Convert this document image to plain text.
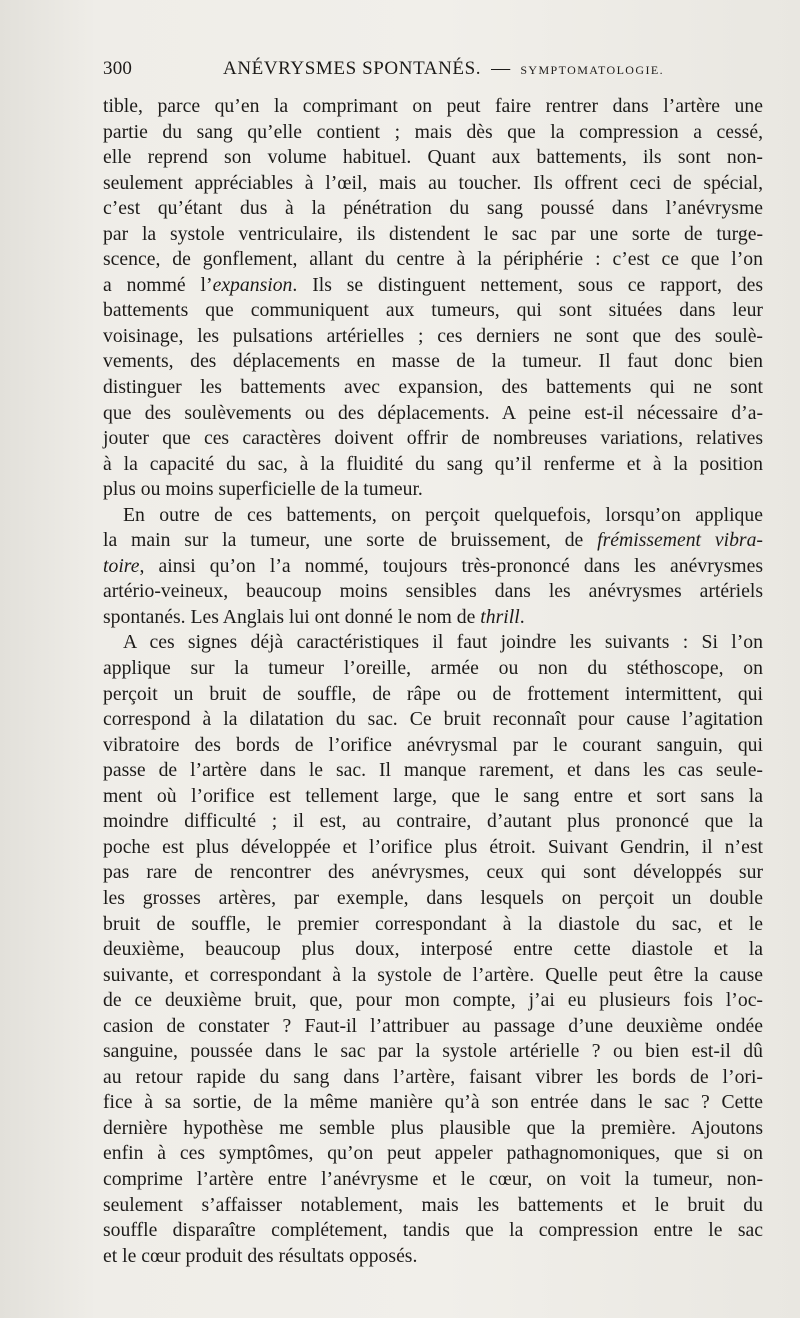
300	ANÉVRYSMES SPONTANÉS. — SYMPTOMATOLOGIE.

tible, parce qu’en la comprimant on peut faire rentrer dans l’artère une
partie du sang qu’elle contient ; mais dès que la compression a cessé,
elle reprend son volume habituel. Quant aux battements, ils sont non-
seulement appréciables à l’œil, mais au toucher. Ils offrent ceci de spécial,
c’est qu’étant dus à la pénétration du sang poussé dans l’anévrysme
par la systole ventriculaire, ils distendent le sac par une sorte de turge-
scence, de gonflement, allant du centre à la périphérie : c’est ce que l’on
a nommé l’expansion. Ils se distinguent nettement, sous ce rapport, des
battements que communiquent aux tumeurs, qui sont situées dans leur
voisinage, les pulsations artérielles ; ces derniers ne sont que des soulè-
vements, des déplacements en masse de la tumeur. Il faut donc bien
distinguer les battements avec expansion, des battements qui ne sont
que des soulèvements ou des déplacements. A peine est-il nécessaire d’a-
jouter que ces caractères doivent offrir de nombreuses variations, relatives
à la capacité du sac, à la fluidité du sang qu’il renferme et à la position
plus ou moins superficielle de la tumeur.

En outre de ces battements, on perçoit quelquefois, lorsqu’on applique
la main sur la tumeur, une sorte de bruissement, de frémissement vibra-
toire, ainsi qu’on l’a nommé, toujours très-prononcé dans les anévrysmes
artério-veineux, beaucoup moins sensibles dans les anévrysmes artériels
spontanés. Les Anglais lui ont donné le nom de thrill.

A ces signes déjà caractéristiques il faut joindre les suivants : Si l’on
applique sur la tumeur l’oreille, armée ou non du stéthoscope, on
perçoit un bruit de souffle, de râpe ou de frottement intermittent, qui
correspond à la dilatation du sac. Ce bruit reconnaît pour cause l’agitation
vibratoire des bords de l’orifice anévrysmal par le courant sanguin, qui
passe de l’artère dans le sac. Il manque rarement, et dans les cas seule-
ment où l’orifice est tellement large, que le sang entre et sort sans la
moindre difficulté ; il est, au contraire, d’autant plus prononcé que la
poche est plus développée et l’orifice plus étroit. Suivant Gendrin, il n’est
pas rare de rencontrer des anévrysmes, ceux qui sont développés sur
les grosses artères, par exemple, dans lesquels on perçoit un double
bruit de souffle, le premier correspondant à la diastole du sac, et le
deuxième, beaucoup plus doux, interposé entre cette diastole et la
suivante, et correspondant à la systole de l’artère. Quelle peut être la cause
de ce deuxième bruit, que, pour mon compte, j’ai eu plusieurs fois l’oc-
casion de constater ? Faut-il l’attribuer au passage d’une deuxième ondée
sanguine, poussée dans le sac par la systole artérielle ? ou bien est-il dû
au retour rapide du sang dans l’artère, faisant vibrer les bords de l’ori-
fice à sa sortie, de la même manière qu’à son entrée dans le sac ? Cette
dernière hypothèse me semble plus plausible que la première. Ajoutons
enfin à ces symptômes, qu’on peut appeler pathagnomoniques, que si on
comprime l’artère entre l’anévrysme et le cœur, on voit la tumeur, non-
seulement s’affaisser notablement, mais les battements et le bruit du
souffle disparaître complétement, tandis que la compression entre le sac
et le cœur produit des résultats opposés.
